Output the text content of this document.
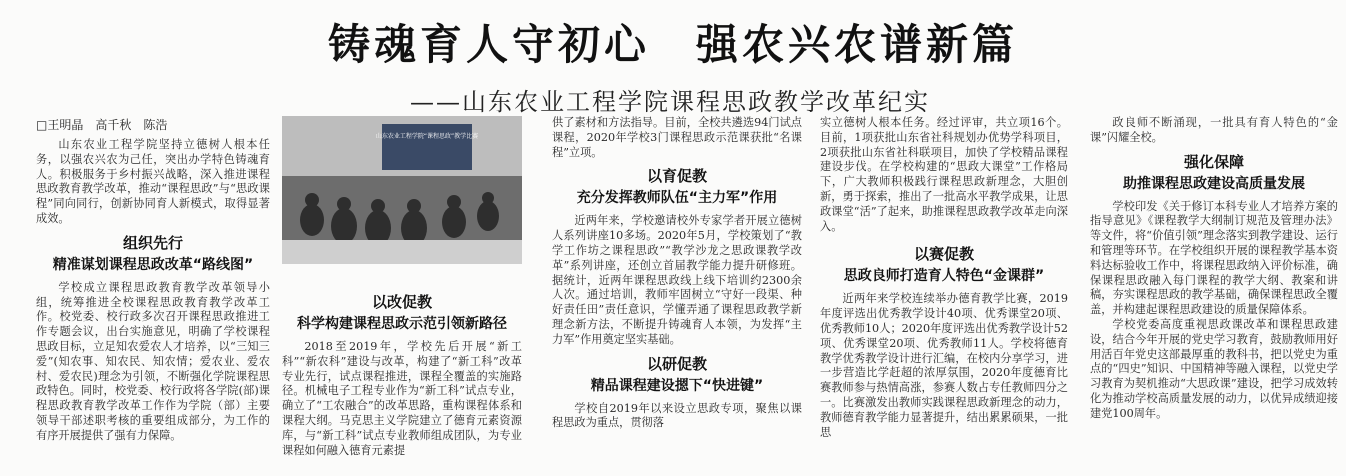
铸魂育人守初心　强农兴农谱新篇
——山东农业工程学院课程思政教学改革纪实
□王明晶　高千秋　陈浩

山东农业工程学院坚持立德树人根本任务，以强农兴农为己任，突出办学特色铸魂育人。积极服务于乡村振兴战略，深入推进课程思政教育教学改革，推动“课程思政”与“思政课程”同向同行，创新协同育人新模式，取得显著成效。

组织先行
精准谋划课程思政改革“路线图”

学校成立课程思政教育教学改革领导小组，统筹推进全校课程思政教育教学改革工作。校党委、校行政多次召开课程思政推进工作专题会议，出台实施意见，明确了学校课程思政目标，立足知农爱农人才培养，以“三知三爱”(知农事、知农民、知农情；爱农业、爱农村、爱农民)理念为引领，不断强化学院课程思政特色。同时，校党委、校行政将各学院(部)课程思政教育教学改革工作作为学院（部）主要领导干部述职考核的重要组成部分，为工作的有序开展提供了强有力保障。

山东农业工程学院“课程思政”教学比赛
以改促教
科学构建课程思政示范引领新路径

2018至2019年，学校先后开展“新工科”“新农科”建设与改革，构建了“新工科”改革专业先行，试点课程推进，课程全覆盖的实施路径。机械电子工程专业作为“新工科”试点专业，确立了“工农融合”的改革思路，重构课程体系和课程大纲。马克思主义学院建立了德育元素资源库，与“新工科”试点专业教师组成团队，为专业课程如何融入德育元素提

供了素材和方法指导。目前，全校共遴选94门试点课程，2020年学校3门课程思政示范课获批“名课程”立项。

以育促教
充分发挥教师队伍“主力军”作用

近两年来，学校邀请校外专家学者开展立德树人系列讲座10多场。2020年5月，学校策划了“教学工作坊之课程思政”“教学沙龙之思政课教学改革”系列讲座，还创立首届教学能力提升研修班。据统计，近两年课程思政线上线下培训约2300余人次。通过培训，教师牢固树立“守好一段渠、种好责任田”责任意识，学懂弄通了课程思政教学新理念新方法，不断提升铸魂育人本领，为发挥“主力军”作用奠定坚实基础。

以研促教
精品课程建设摁下“快进键”

学校自2019年以来设立思政专项，聚焦以课程思政为重点，贯彻落

实立德树人根本任务。经过评审，共立项16个。目前，1项获批山东省社科规划办优势学科项目，2项获批山东省社科联项目，加快了学校精品课程建设步伐。在学校构建的“思政大课堂”工作格局下，广大教师积极践行课程思政新理念，大胆创新，勇于探索，推出了一批高水平教学成果，让思政课堂“活”了起来，助推课程思政教学改革走向深入。

以赛促教
思政良师打造育人特色“金课群”

近两年来学校连续举办德育教学比赛，2019年度评选出优秀教学设计40项、优秀课堂20项、优秀教师10人；2020年度评选出优秀教学设计52项、优秀课堂20项、优秀教师11人。学校将德育教学优秀教学设计进行汇编，在校内分享学习，进一步营造比学赶超的浓厚氛围，2020年度德育比赛教师参与热情高涨，参赛人数占专任教师四分之一。比赛激发出教师实践课程思政新理念的动力，教师德育教学能力显著提升，结出累累硕果，一批思

政良师不断涌现，一批具有育人特色的“金课”闪耀全校。

强化保障
助推课程思政建设高质量发展

学校印发《关于修订本科专业人才培养方案的指导意见》《课程教学大纲制订规范及管理办法》等文件，将“价值引领”理念落实到教学建设、运行和管理等环节。在学校组织开展的课程教学基本资料达标验收工作中，将课程思政纳入评价标准，确保课程思政融入每门课程的教学大纲、教案和讲稿，夯实课程思政的教学基础，确保课程思政全覆盖，并构建起课程思政建设的质量保障体系。

学校党委高度重视思政课改革和课程思政建设，结合今年开展的党史学习教育，鼓励教师用好用活百年党史这部最厚重的教科书，把以党史为重点的“四史”知识、中国精神等融入课程，以党史学习教育为契机推动“大思政课”建设，把学习成效转化为推动学校高质量发展的动力，以优异成绩迎接建党100周年。
